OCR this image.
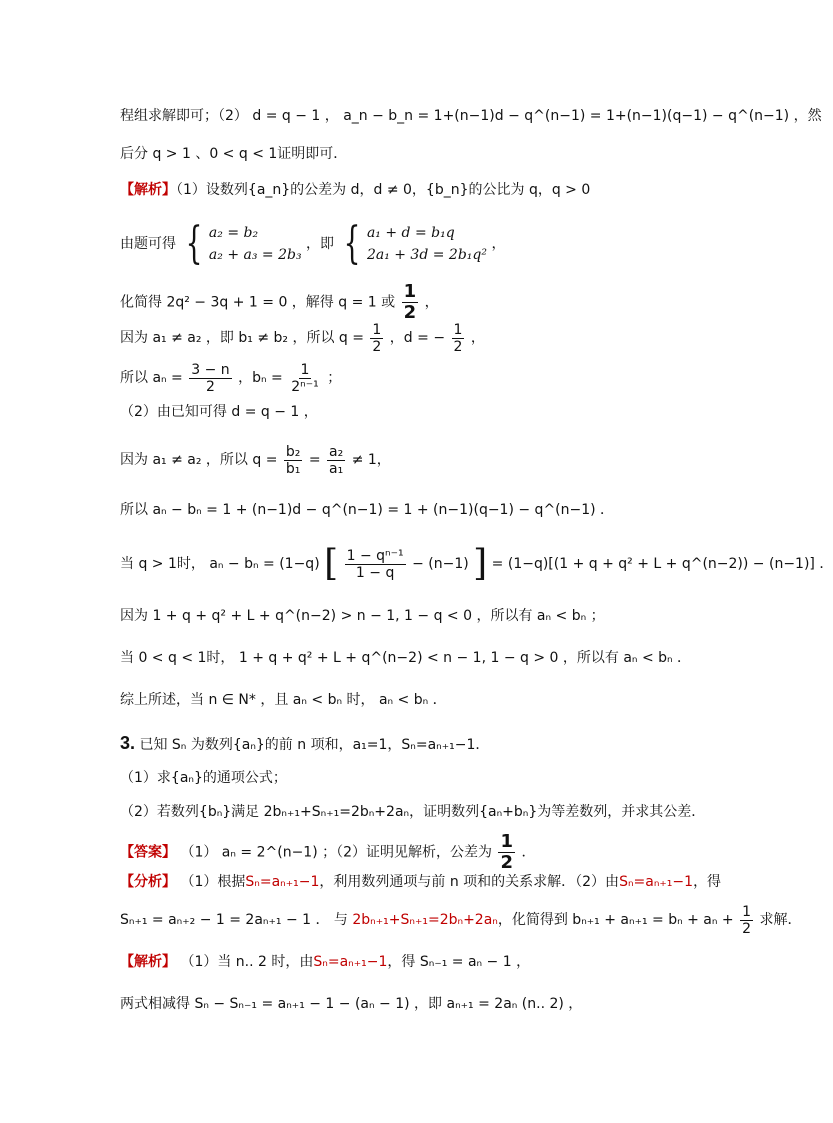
程组求解即可；（2） d = q − 1 ， a_n − b_n = 1+(n−1)d − q^(n−1) = 1+(n−1)(q−1) − q^(n−1) ，然
后分 q > 1 、0 < q < 1证明即可．
【解析】（1）设数列{a_n}的公差为 d，d ≠ 0，{b_n}的公比为 q，q > 0
由题可得 { a₂ = b₂
a₂ + a₃ = 2b₃
，即 { a₁ + d = b₁q
2a₁ + 3d = 2b₁q²
，
化简得 2q² − 3q + 1 = 0 ，解得 q = 1 或 $\frac{1}{2}$ ，
因为 a₁ ≠ a₂ ，即 b₁ ≠ b₂ ，所以 $q = \frac{1}{2}$ ，d = − $\frac{1}{2}$ ，
所以 $a_n = \frac{3 - n}{2}$ ，$b_n = \frac{1}{\text{2ⁿ⁻¹}}$ ；
（2）由已知可得 d = q − 1 ，
因为 a₁ ≠ a₂ ，所以 $q = \frac{\text{b₂}}{\text{b₁}} = \frac{\text{a₂}}{\text{a₁}} \ne 1$，
所以 aₙ − bₙ = 1 + (n−1)d − q^(n−1) = 1 + (n−1)(q−1) − q^(n−1) ．
当 q > 1时， aₙ − bₙ = (1−q) [ $\frac{\text{1 − qⁿ⁻¹}}{1 - q} - (n-1)$ ] = (1−q)[(1 + q + q² + L + q^(n−2)) − (n−1)] ．
因为 1 + q + q² + L + q^(n−2) > n − 1, 1 − q < 0 ，所以有 aₙ < bₙ ；
当 0 < q < 1时， 1 + q + q² + L + q^(n−2) < n − 1, 1 − q > 0 ，所以有 aₙ < bₙ ．
综上所述，当 n ∈ N* ，且 aₙ < bₙ 时， aₙ < bₙ ．
3. 已知 Sₙ 为数列{aₙ}的前 n 项和，a₁=1，Sₙ=aₙ₊₁−1．
（1）求{aₙ}的通项公式；
（2）若数列{bₙ}满足 2bₙ₊₁+Sₙ₊₁=2bₙ+2aₙ，证明数列{aₙ+bₙ}为等差数列，并求其公差．
【答案】 （1） aₙ = 2^(n−1) ；（2）证明见解析，公差为 $\frac{1}{2}$ ．
【分析】 （1）根据Sₙ=aₙ₊₁−1，利用数列通项与前 n 项和的关系求解．（2）由Sₙ=aₙ₊₁−1，得
Sₙ₊₁ = aₙ₊₂ − 1 = 2aₙ₊₁ − 1 ． 与 2bₙ₊₁+Sₙ₊₁=2bₙ+2aₙ，化简得到 $b_{n+1} + a_{n+1} = b_n + a_n + \frac{1}{2}$ 求解．
【解析】 （1）当 n.. 2 时，由Sₙ=aₙ₊₁−1，得 Sₙ₋₁ = aₙ − 1 ，
两式相减得 Sₙ − Sₙ₋₁ = aₙ₊₁ − 1 − (aₙ − 1) ，即 aₙ₊₁ = 2aₙ (n.. 2) ，
